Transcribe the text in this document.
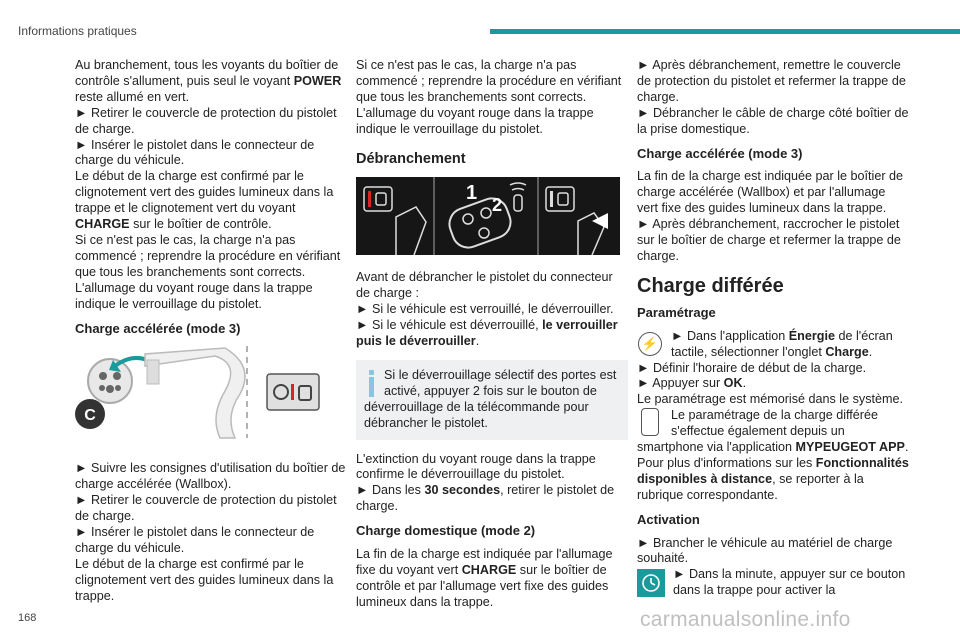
Informations pratiques

Au branchement, tous les voyants du boîtier de contrôle s'allument, puis seul le voyant POWER reste allumé en vert.

► Retirer le couvercle de protection du pistolet de charge.

► Insérer le pistolet dans le connecteur de charge du véhicule.

Le début de la charge est confirmé par le clignotement vert des guides lumineux dans la trappe et le clignotement vert du voyant CHARGE sur le boîtier de contrôle.

Si ce n'est pas le cas, la charge n'a pas commencé ; reprendre la procédure en vérifiant que tous les branchements sont corrects.

L'allumage du voyant rouge dans la trappe indique le verrouillage du pistolet.

Charge accélérée (mode 3)
C

► Suivre les consignes d'utilisation du boîtier de charge accélérée (Wallbox).

► Retirer le couvercle de protection du pistolet de charge.

► Insérer le pistolet dans le connecteur de charge du véhicule.

Le début de la charge est confirmé par le clignotement vert des guides lumineux dans la trappe.

Si ce n'est pas le cas, la charge n'a pas commencé ; reprendre la procédure en vérifiant que tous les branchements sont corrects.

L'allumage du voyant rouge dans la trappe indique le verrouillage du pistolet.

Débranchement
1
2

Avant de débrancher le pistolet du connecteur de charge :

► Si le véhicule est verrouillé, le déverrouiller.

► Si le véhicule est déverrouillé, le verrouiller puis le déverrouiller.

Si le déverrouillage sélectif des portes est activé, appuyer 2 fois sur le bouton de déverrouillage de la télécommande pour débrancher le pistolet.

L'extinction du voyant rouge dans la trappe confirme le déverrouillage du pistolet.

► Dans les 30 secondes, retirer le pistolet de charge.

Charge domestique (mode 2)

La fin de la charge est indiquée par l'allumage fixe du voyant vert CHARGE sur le boîtier de contrôle et par l'allumage vert fixe des guides lumineux dans la trappe.

► Après débranchement, remettre le couvercle de protection du pistolet et refermer la trappe de charge.

► Débrancher le câble de charge côté boîtier de la prise domestique.

Charge accélérée (mode 3)

La fin de la charge est indiquée par le boîtier de charge accélérée (Wallbox) et par l'allumage vert fixe des guides lumineux dans la trappe.

► Après débranchement, raccrocher le pistolet sur le boîtier de charge et refermer la trappe de charge.

Charge différée
Paramétrage
⚡

► Dans l'application Énergie de l'écran tactile, sélectionner l'onglet Charge.

► Définir l'horaire de début de la charge.

► Appuyer sur OK.

Le paramétrage est mémorisé dans le système.

Le paramétrage de la charge différée s'effectue également depuis un smartphone via l'application MYPEUGEOT APP.

Pour plus d'informations sur les Fonctionnalités disponibles à distance, se reporter à la rubrique correspondante.

Activation

► Brancher le véhicule au matériel de charge souhaité.

► Dans la minute, appuyer sur ce bouton dans la trappe pour activer la

168	carmanualsonline.info
